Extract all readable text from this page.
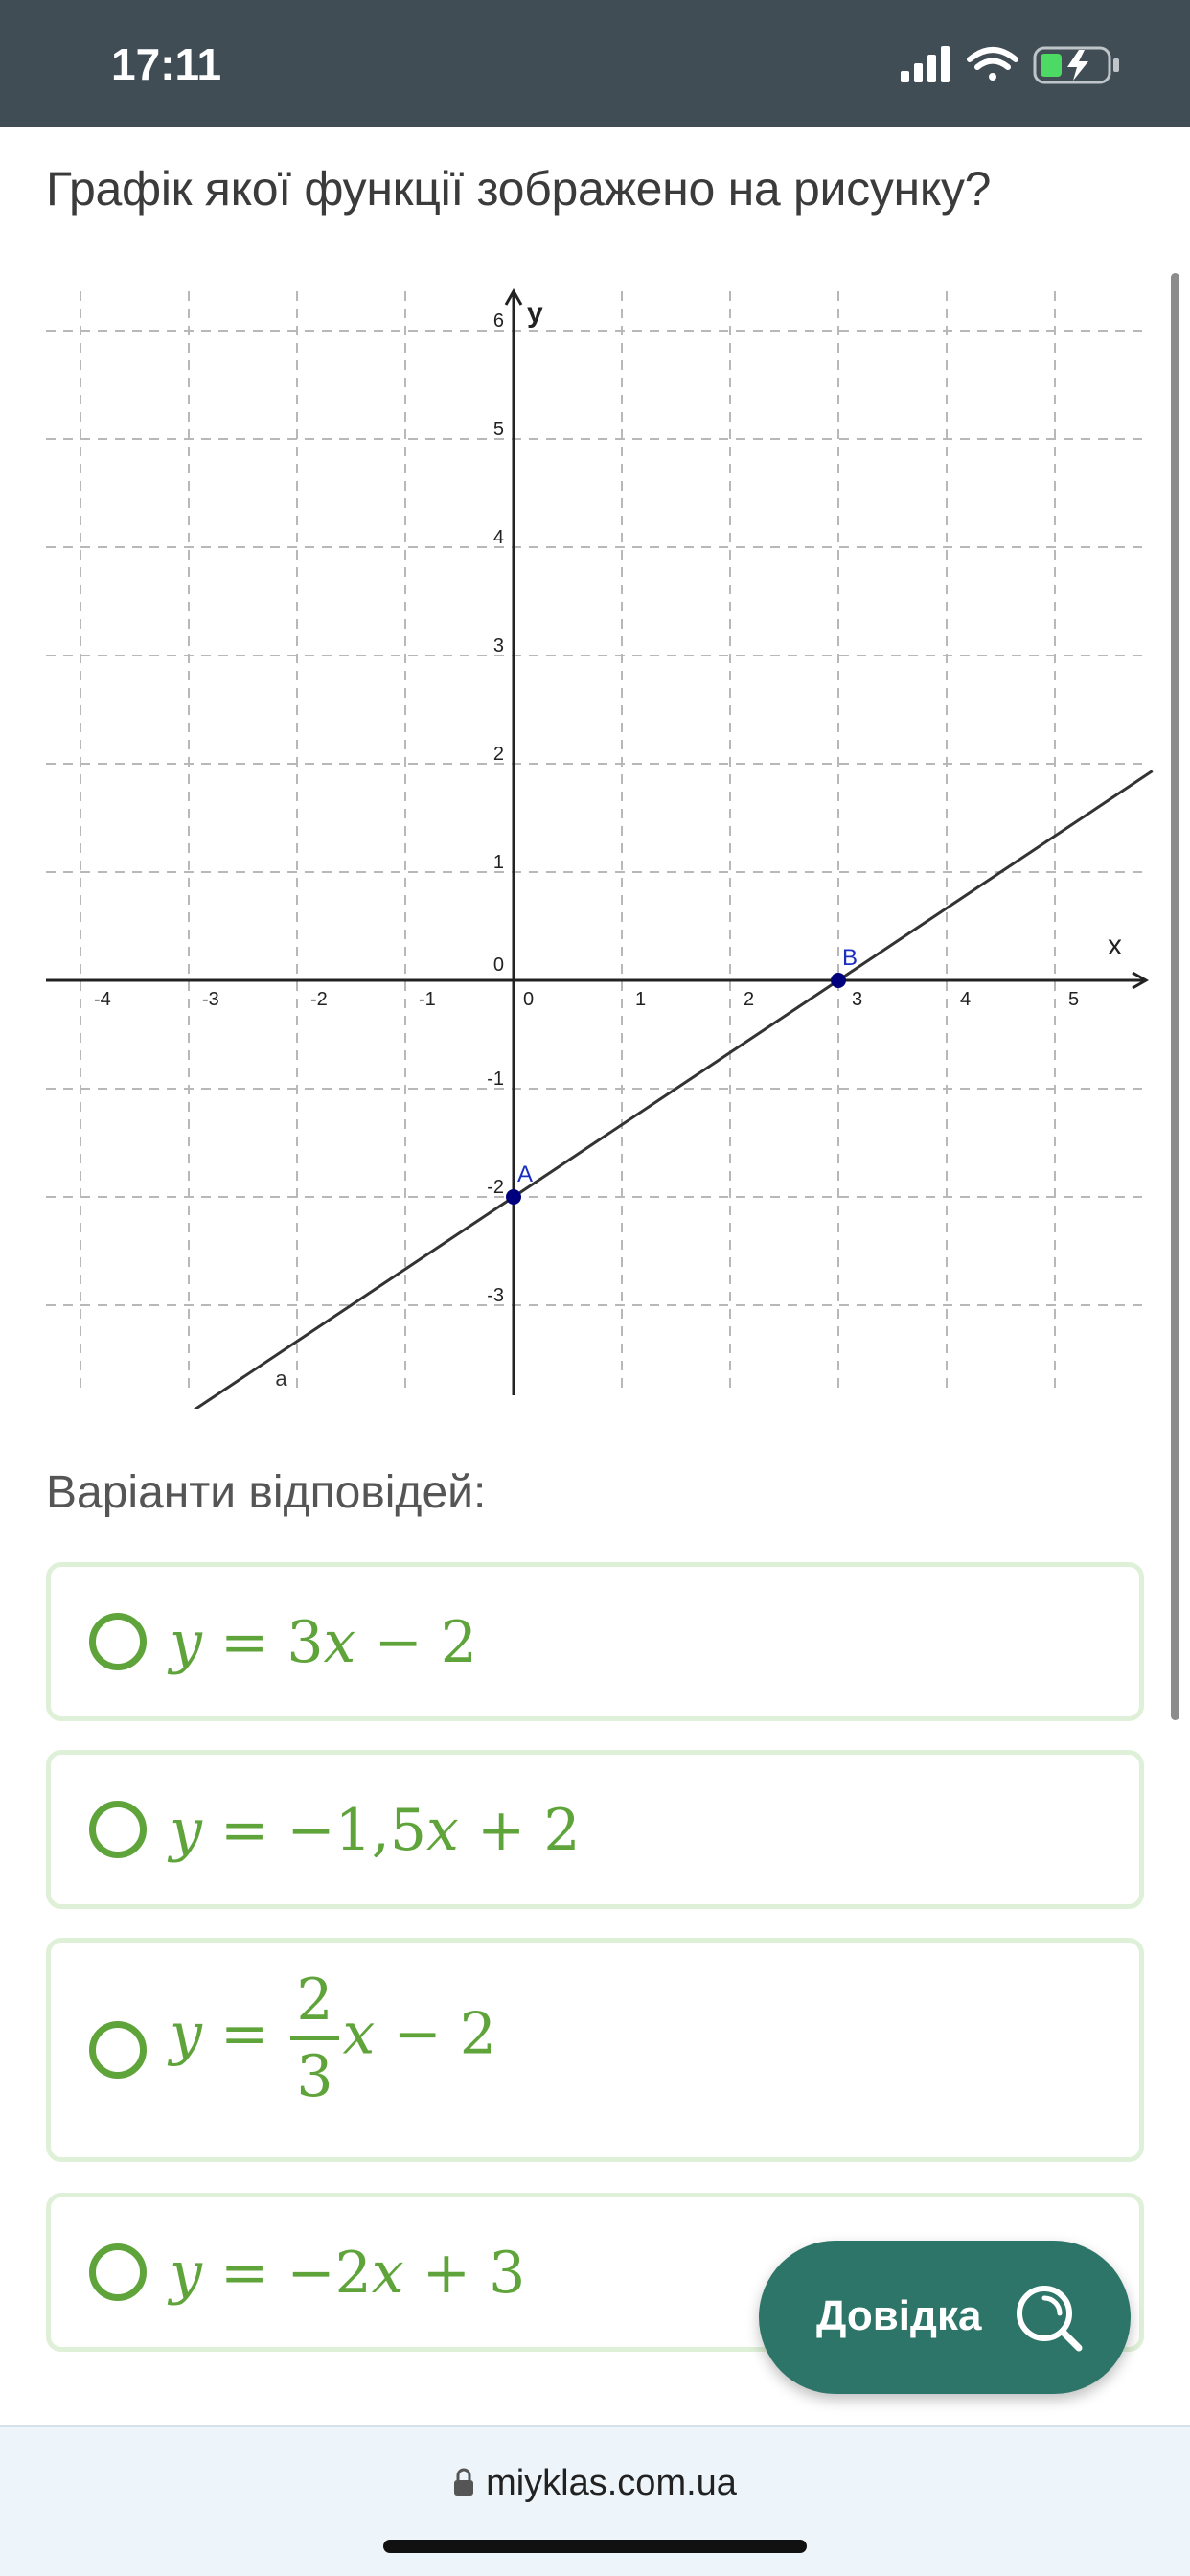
17:11
Графік якої функції зображено на рисунку?
x
y
-4	-3	-2	-1	0	1	2	3	4	5
6
5
4
3
2
1
0
-1
-2
-3
a
A
B
Варіанти відповідей:
y = 3x − 2
y = −1,5x + 2
$y = \frac{2}{3}$ x − 2
y = −2x + 3
Довідка
miyklas.com.ua
